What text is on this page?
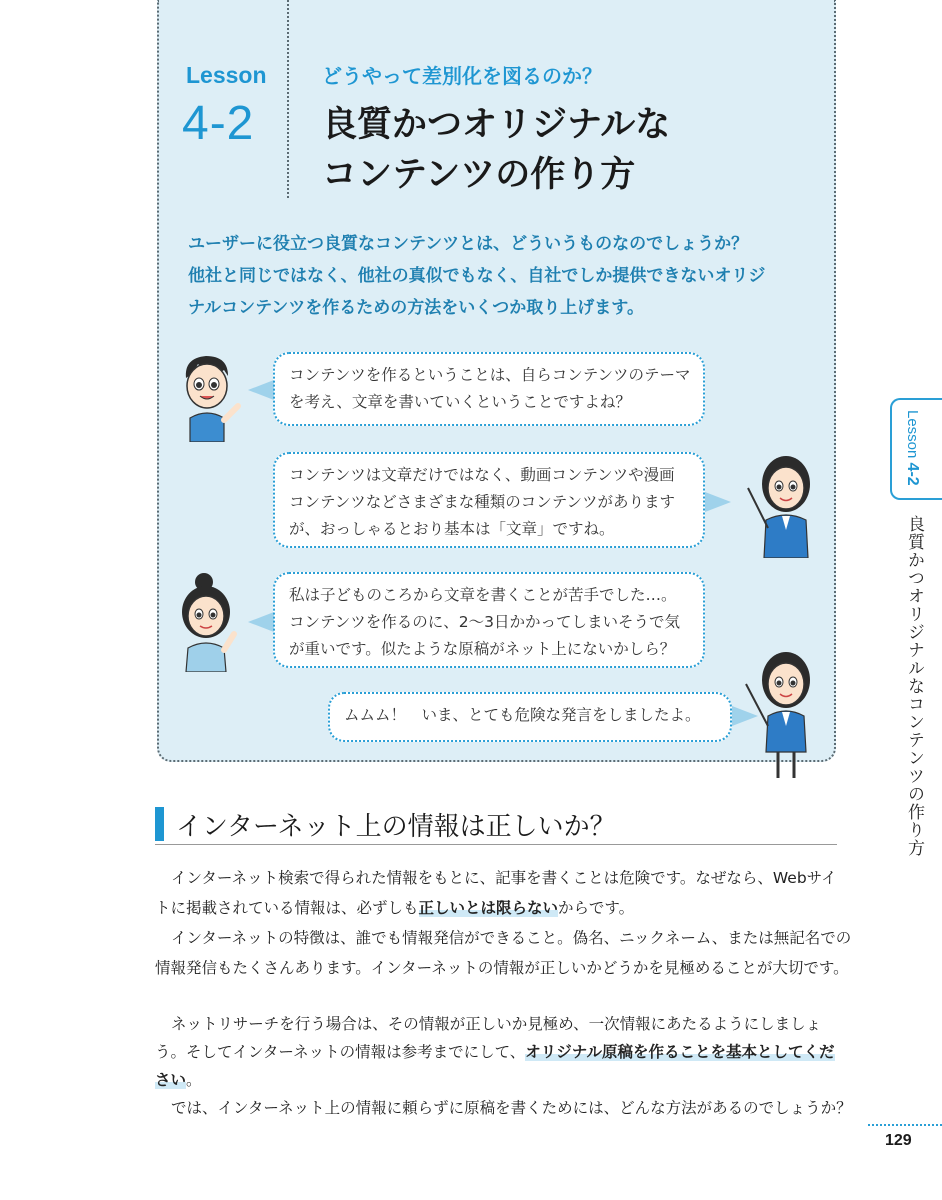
Lesson
4-2
どうやって差別化を図るのか？
良質かつオリジナルな
コンテンツの作り方
ユーザーに役立つ良質なコンテンツとは、どういうものなのでしょうか？
他社と同じではなく、他社の真似でもなく、自社でしか提供できないオリジ
ナルコンテンツを作るための方法をいくつか取り上げます。
コンテンツを作るということは、自らコンテンツのテーマ
を考え、文章を書いていくということですよね？
コンテンツは文章だけではなく、動画コンテンツや漫画
コンテンツなどさまざまな種類のコンテンツがあります
が、おっしゃるとおり基本は「文章」ですね。
私は子どものころから文章を書くことが苦手でした…。
コンテンツを作るのに、2〜3日かかってしまいそうで気
が重いです。似たような原稿がネット上にないかしら？
ムムム！　いま、とても危険な発言をしましたよ。
インターネット上の情報は正しいか？
インターネット検索で得られた情報をもとに、記事を書くことは危険です。なぜなら、Webサイ
トに掲載されている情報は、必ずしも正しいとは限らないからです。
インターネットの特徴は、誰でも情報発信ができること。偽名、ニックネーム、または無記名での
情報発信もたくさんあります。インターネットの情報が正しいかどうかを見極めることが大切です。
ネットリサーチを行う場合は、その情報が正しいか見極め、一次情報にあたるようにしましょ
う。そしてインターネットの情報は参考までにして、オリジナル原稿を作ることを基本としてくだ
さい。
では、インターネット上の情報に頼らずに原稿を書くためには、どんな方法があるのでしょうか？
Lesson 4-2
良質かつオリジナルなコンテンツの作り方
129
